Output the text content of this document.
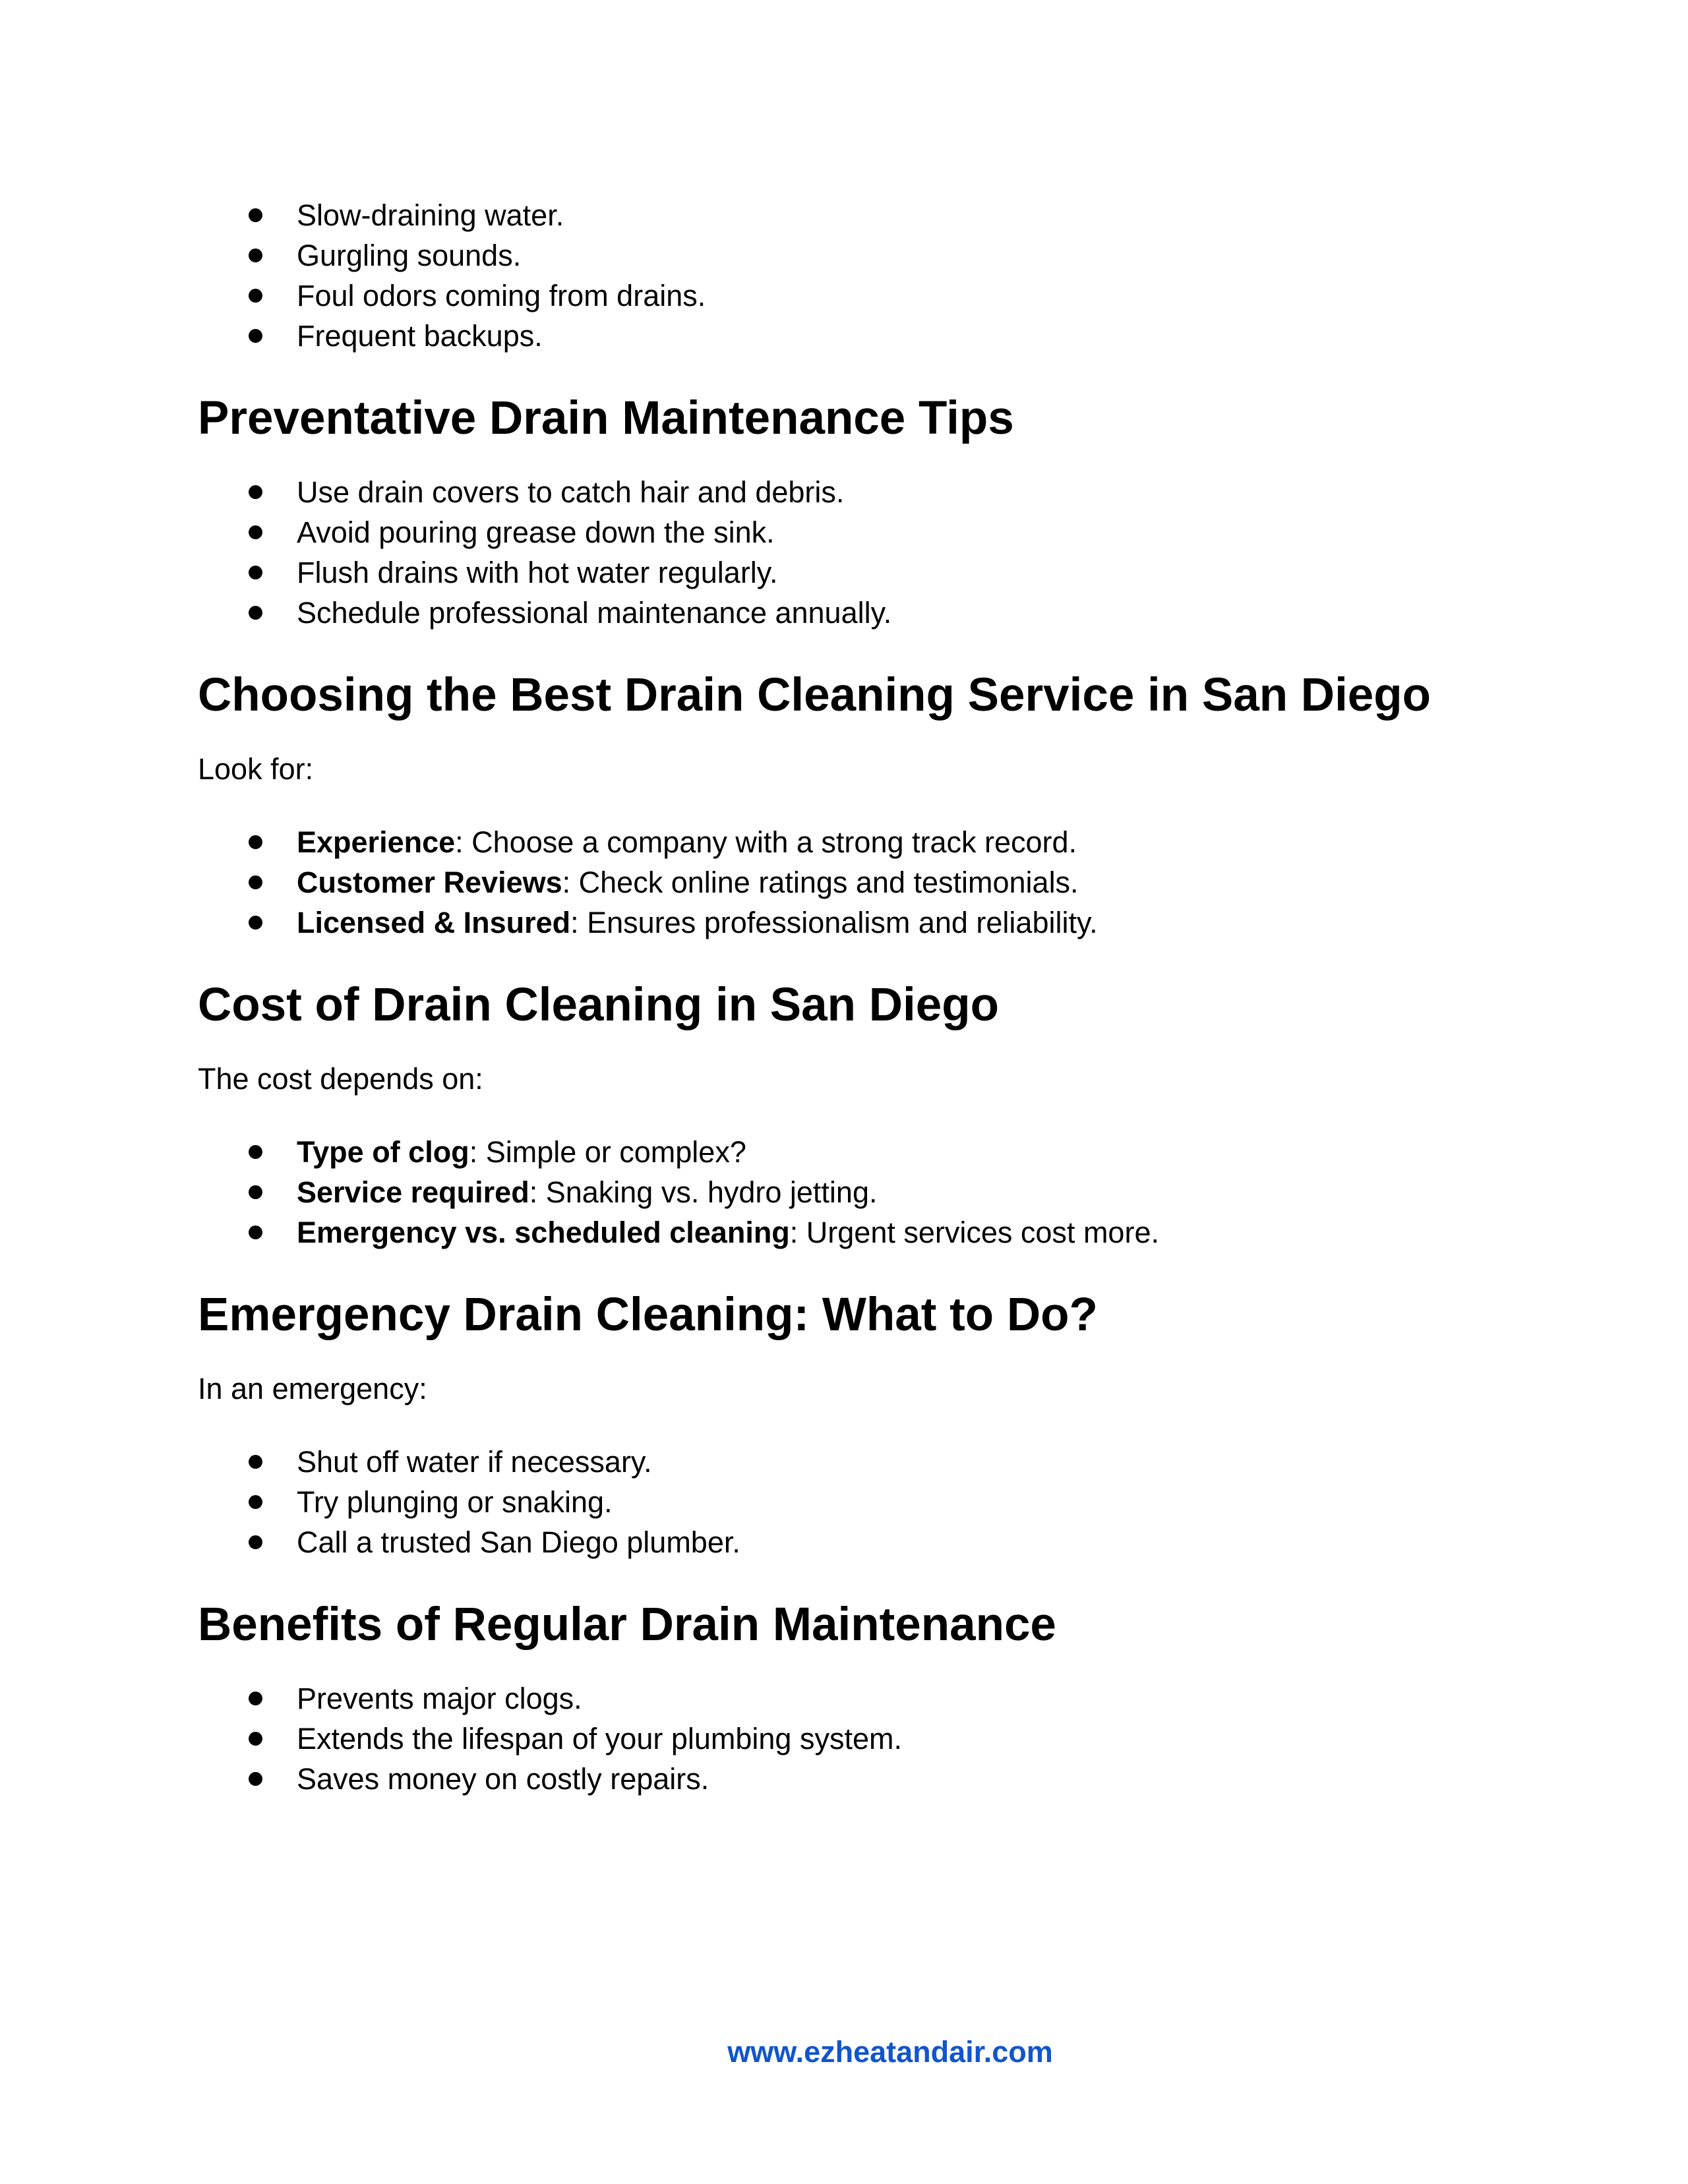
Slow-draining water.
Gurgling sounds.
Foul odors coming from drains.
Frequent backups.
Preventative Drain Maintenance Tips
Use drain covers to catch hair and debris.
Avoid pouring grease down the sink.
Flush drains with hot water regularly.
Schedule professional maintenance annually.
Choosing the Best Drain Cleaning Service in San Diego

Look for:

Experience: Choose a company with a strong track record.
Customer Reviews: Check online ratings and testimonials.
Licensed & Insured: Ensures professionalism and reliability.
Cost of Drain Cleaning in San Diego

The cost depends on:

Type of clog: Simple or complex?
Service required: Snaking vs. hydro jetting.
Emergency vs. scheduled cleaning: Urgent services cost more.
Emergency Drain Cleaning: What to Do?

In an emergency:

Shut off water if necessary.
Try plunging or snaking.
Call a trusted San Diego plumber.
Benefits of Regular Drain Maintenance
Prevents major clogs.
Extends the lifespan of your plumbing system.
Saves money on costly repairs.
www.ezheatandair.com
